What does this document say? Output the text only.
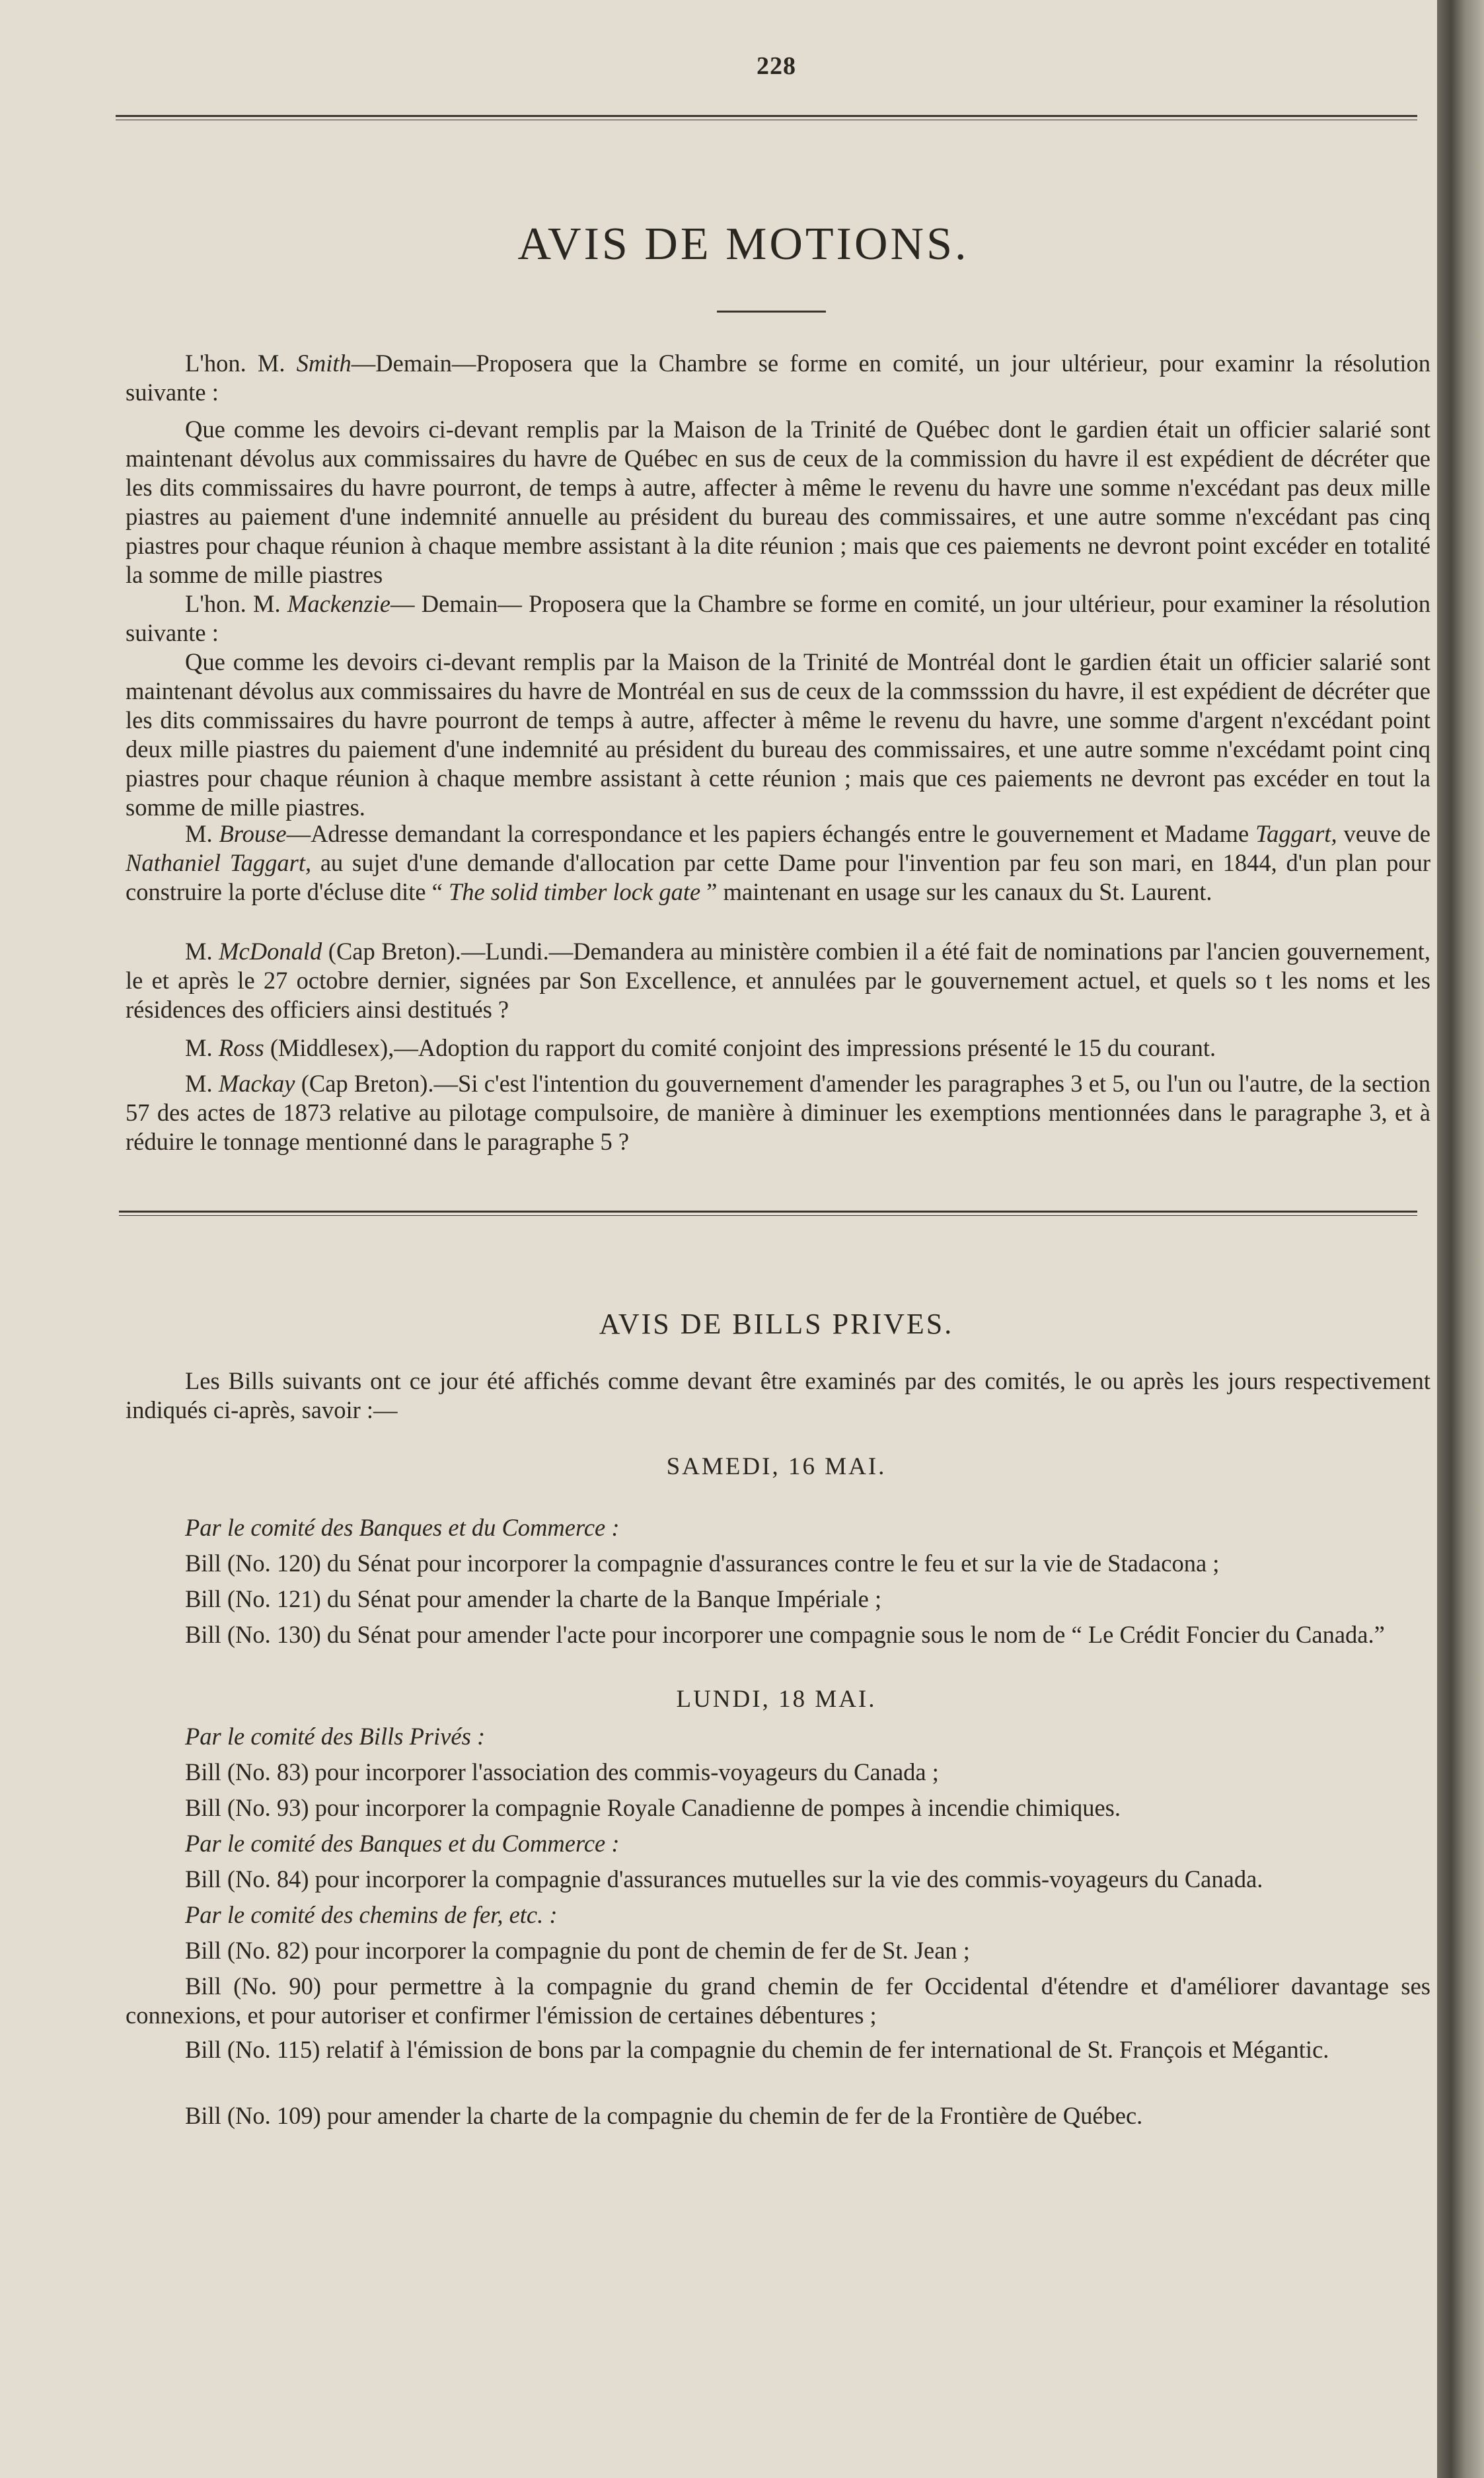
228
AVIS DE MOTIONS.

L'hon. M. Smith—Demain—Proposera que la Chambre se forme en comité, un jour ultérieur, pour examinr la résolution suivante :

Que comme les devoirs ci-devant remplis par la Maison de la Trinité de Québec dont le gardien était un officier salarié sont maintenant dévolus aux commissaires du havre de Québec en sus de ceux de la commission du havre il est expédient de décréter que les dits commissaires du havre pourront, de temps à autre, affecter à même le revenu du havre une somme n'excédant pas deux mille piastres au paiement d'une indemnité annuelle au président du bureau des commissaires, et une autre somme n'excédant pas cinq piastres pour chaque réunion à chaque membre assistant à la dite réunion ; mais que ces paiements ne devront point excéder en totalité la somme de mille piastres

L'hon. M. Mackenzie— Demain— Proposera que la Chambre se forme en comité, un jour ultérieur, pour examiner la résolution suivante :

Que comme les devoirs ci-devant remplis par la Maison de la Trinité de Montréal dont le gardien était un officier salarié sont maintenant dévolus aux commissaires du havre de Montréal en sus de ceux de la commsssion du havre, il est expédient de décréter que les dits commissaires du havre pourront de temps à autre, affecter à même le revenu du havre, une somme d'argent n'excédant point deux mille piastres du paiement d'une indemnité au président du bureau des commissaires, et une autre somme n'excédamt point cinq piastres pour chaque réunion à chaque membre assistant à cette réunion ; mais que ces paiements ne devront pas excéder en tout la somme de mille piastres.

M. Brouse—Adresse demandant la correspondance et les papiers échangés entre le gouvernement et Madame Taggart, veuve de Nathaniel Taggart, au sujet d'une demande d'allocation par cette Dame pour l'invention par feu son mari, en 1844, d'un plan pour construire la porte d'écluse dite “ The solid timber lock gate ” maintenant en usage sur les canaux du St. Laurent.

M. McDonald (Cap Breton).—Lundi.—Demandera au ministère combien il a été fait de nominations par l'ancien gouvernement, le et après le 27 octobre dernier, signées par Son Excellence, et annulées par le gouvernement actuel, et quels so t les noms et les résidences des officiers ainsi destitués ?

M. Ross (Middlesex),—Adoption du rapport du comité conjoint des impressions présenté le 15 du courant.

M. Mackay (Cap Breton).—Si c'est l'intention du gouvernement d'amender les paragraphes 3 et 5, ou l'un ou l'autre, de la section 57 des actes de 1873 relative au pilotage compulsoire, de manière à diminuer les exemptions mentionnées dans le paragraphe 3, et à réduire le tonnage mentionné dans le paragraphe 5 ?

AVIS DE BILLS PRIVES.

Les Bills suivants ont ce jour été affichés comme devant être examinés par des comités, le ou après les jours respectivement indiqués ci-après, savoir :—

SAMEDI, 16 MAI.

Par le comité des Banques et du Commerce :

Bill (No. 120) du Sénat pour incorporer la compagnie d'assurances contre le feu et sur la vie de Stadacona ;

Bill (No. 121) du Sénat pour amender la charte de la Banque Impériale ;

Bill (No. 130) du Sénat pour amender l'acte pour incorporer une compagnie sous le nom de “ Le Crédit Foncier du Canada.”

LUNDI, 18 MAI.

Par le comité des Bills Privés :

Bill (No. 83) pour incorporer l'association des commis-voyageurs du Canada ;

Bill (No. 93) pour incorporer la compagnie Royale Canadienne de pompes à incendie chimiques.

Par le comité des Banques et du Commerce :

Bill (No. 84) pour incorporer la compagnie d'assurances mutuelles sur la vie des commis-voyageurs du Canada.

Par le comité des chemins de fer, etc. :

Bill (No. 82) pour incorporer la compagnie du pont de chemin de fer de St. Jean ;

Bill (No. 90) pour permettre à la compagnie du grand chemin de fer Occidental d'étendre et d'améliorer davantage ses connexions, et pour autoriser et confirmer l'émission de certaines débentures ;

Bill (No. 115) relatif à l'émission de bons par la compagnie du chemin de fer international de St. François et Mégantic.

Bill (No. 109) pour amender la charte de la compagnie du chemin de fer de la Frontière de Québec.
